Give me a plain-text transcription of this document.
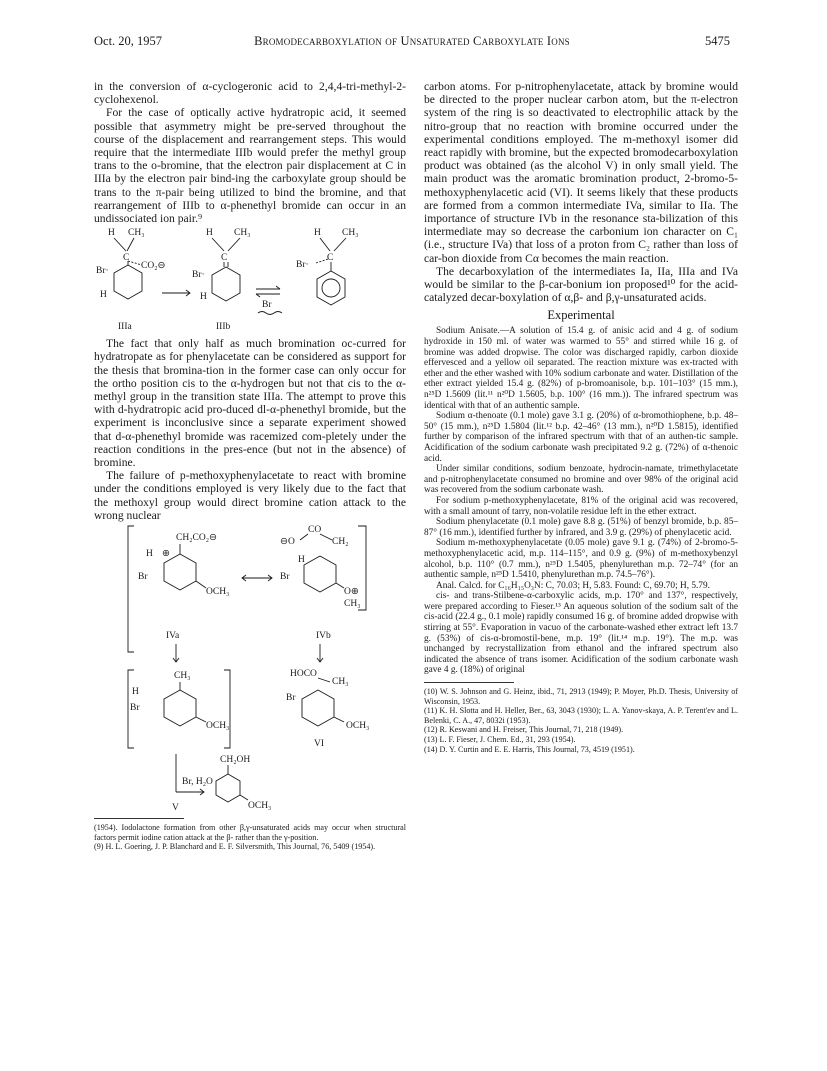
Oct. 20, 1957	Bromodecarboxylation of Unsaturated Carboxylate Ions	5475

in the conversion of α-cyclogeronic acid to 2,4,4-tri-methyl-2-cyclohexenol.

For the case of optically active hydratropic acid, it seemed possible that asymmetry might be pre-served throughout the course of the displacement and rearrangement steps. This would require that the intermediate IIIb would prefer the methyl group trans to the o-bromine, that the electron pair displacement at C in IIIa by the electron pair bind-ing the carboxylate group should be trans to the π-pair being utilized to bind the bromine, and that rearrangement of IIIb to α-phenethyl bromide can occur in an undissociated ion pair.⁹

H CH₃
C
CO₂⊖
Br·
H
IIIa
H CH₃
C
Br·
H
IIIb
Br
H CH₃
C
Br·

The fact that only half as much bromination oc-curred for hydratropate as for phenylacetate can be considered as support for the thesis that bromina-tion in the former case can only occur for the ortho position cis to the α-hydrogen but not that cis to the α-methyl group in the transition state IIIa. The attempt to prove this with d-hydratropic acid pro-duced dl-α-phenethyl bromide, but the experiment is inconclusive since a separate experiment showed that d-α-phenethyl bromide was racemized com-pletely under the reaction conditions in the pres-ence (but not in the absence) of bromine.

The failure of p-methoxyphenylacetate to react with bromine under the conditions employed is very likely due to the fact that the methoxyl group would direct bromine cation attack to the wrong nuclear

CH₂CO₂⊖
H ⊕
Br
OCH₃
IVa
CO
⊖O	CH₂
H
Br
O⊕
CH₃
IVb
CH₃
H
Br
OCH₃
HOCO
CH₃
Br
OCH₃
VI
Br, H₂O
CH₂OH
OCH₃
V

(1954). Iodolactone formation from other β,γ-unsaturated acids may occur when structural factors permit iodine cation attack at the β- rather than the γ-position.

(9) H. L. Goering, J. P. Blanchard and E. F. Silversmith, This Journal, 76, 5409 (1954).

carbon atoms. For p-nitrophenylacetate, attack by bromine would be directed to the proper nuclear carbon atom, but the π-electron system of the ring is so deactivated to electrophilic attack by the nitro-group that no reaction with bromine occurred under the experimental conditions employed. The m-methoxyl isomer did react rapidly with bromine, but the expected bromodecarboxylation product was obtained (as the alcohol V) in only small yield. The main product was the aromatic bromination product, 2-bromo-5-methoxyphenylacetic acid (VI). It seems likely that these products are formed from a common intermediate IVa, similar to IIa. The importance of structure IVb in the resonance sta-bilization of this intermediate may so decrease the carbonium ion character on C₁ (i.e., structure IVa) that loss of a proton from C₂ rather than loss of car-bon dioxide from Cα becomes the main reaction.

The decarboxylation of the intermediates Ia, IIa, IIIa and IVa would be similar to the β-car-bonium ion proposed¹⁰ for the acid-catalyzed decar-boxylation of α,β- and β,γ-unsaturated acids.

Experimental

Sodium Anisate.—A solution of 15.4 g. of anisic acid and 4 g. of sodium hydroxide in 150 ml. of water was warmed to 55° and stirred while 16 g. of bromine was added dropwise. The color was discharged rapidly, carbon dioxide effervesced and a yellow oil separated. The reaction mixture was ex-tracted with ether and the ether washed with 10% sodium carbonate and water. Distillation of the ether extract yielded 15.4 g. (82%) of p-bromoanisole, b.p. 101–103° (15 mm.), n²⁵D 1.5609 (lit.¹¹ n²⁰D 1.5605, b.p. 100° (16 mm.)). The infrared spectrum was identical with that of an authentic sample.

Sodium α-thenoate (0.1 mole) gave 3.1 g. (20%) of α-bromothiophene, b.p. 48–50° (15 mm.), n²⁵D 1.5804 (lit.¹² b.p. 42–46° (13 mm.), n²⁰D 1.5815), identified further by comparison of the infrared spectrum with that of an authen-tic sample. Acidification of the sodium carbonate wash precipitated 9.2 g. (72%) of α-thenoic acid.

Under similar conditions, sodium benzoate, hydrocin-namate, trimethylacetate and p-nitrophenylacetate consumed no bromine and over 98% of the original acid was recovered from the sodium carbonate wash.

For sodium p-methoxyphenylacetate, 81% of the original acid was recovered, with a small amount of tarry, non-volatile residue left in the ether extract.

Sodium phenylacetate (0.1 mole) gave 8.8 g. (51%) of benzyl bromide, b.p. 85–87° (16 mm.), identified further by infrared, and 3.9 g. (29%) of phenylacetic acid.

Sodium m-methoxyphenylacetate (0.05 mole) gave 9.1 g. (74%) of 2-bromo-5-methoxyphenylacetic acid, m.p. 114–115°, and 0.9 g. (9%) of m-methoxybenzyl alcohol, b.p. 110° (0.7 mm.), n²⁵D 1.5405, phenylurethan m.p. 72–74° (for an authentic sample, n²⁵D 1.5410, phenylurethan m.p. 74.5–76°).

Anal. Calcd. for C₁₆H₁₅O₃N: C, 70.03; H, 5.83. Found: C, 69.70; H, 5.79.

cis- and trans-Stilbene-α-carboxylic acids, m.p. 170° and 137°, respectively, were prepared according to Fieser.¹³ An aqueous solution of the sodium salt of the cis-acid (22.4 g., 0.1 mole) rapidly consumed 16 g. of bromine added dropwise with stirring at 55°. Evaporation in vacuo of the carbonate-washed ether extract left 13.7 g. (53%) of cis-α-bromostil-bene, m.p. 19° (lit.¹⁴ m.p. 19°). The m.p. was unchanged by recrystallization from ethanol and the infrared spectrum also indicated the absence of trans isomer. Acidification of the sodium carbonate wash gave 4 g. (18%) of original

(10) W. S. Johnson and G. Heinz, ibid., 71, 2913 (1949); P. Moyer, Ph.D. Thesis, University of Wisconsin, 1953.

(11) K. H. Slotta and H. Heller, Ber., 63, 3043 (1930); L. A. Yanov-skaya, A. P. Terent'ev and L. Belenki, C. A., 47, 8032i (1953).

(12) R. Keswani and H. Freiser, This Journal, 71, 218 (1949).

(13) L. F. Fieser, J. Chem. Ed., 31, 293 (1954).

(14) D. Y. Curtin and E. E. Harris, This Journal, 73, 4519 (1951).
